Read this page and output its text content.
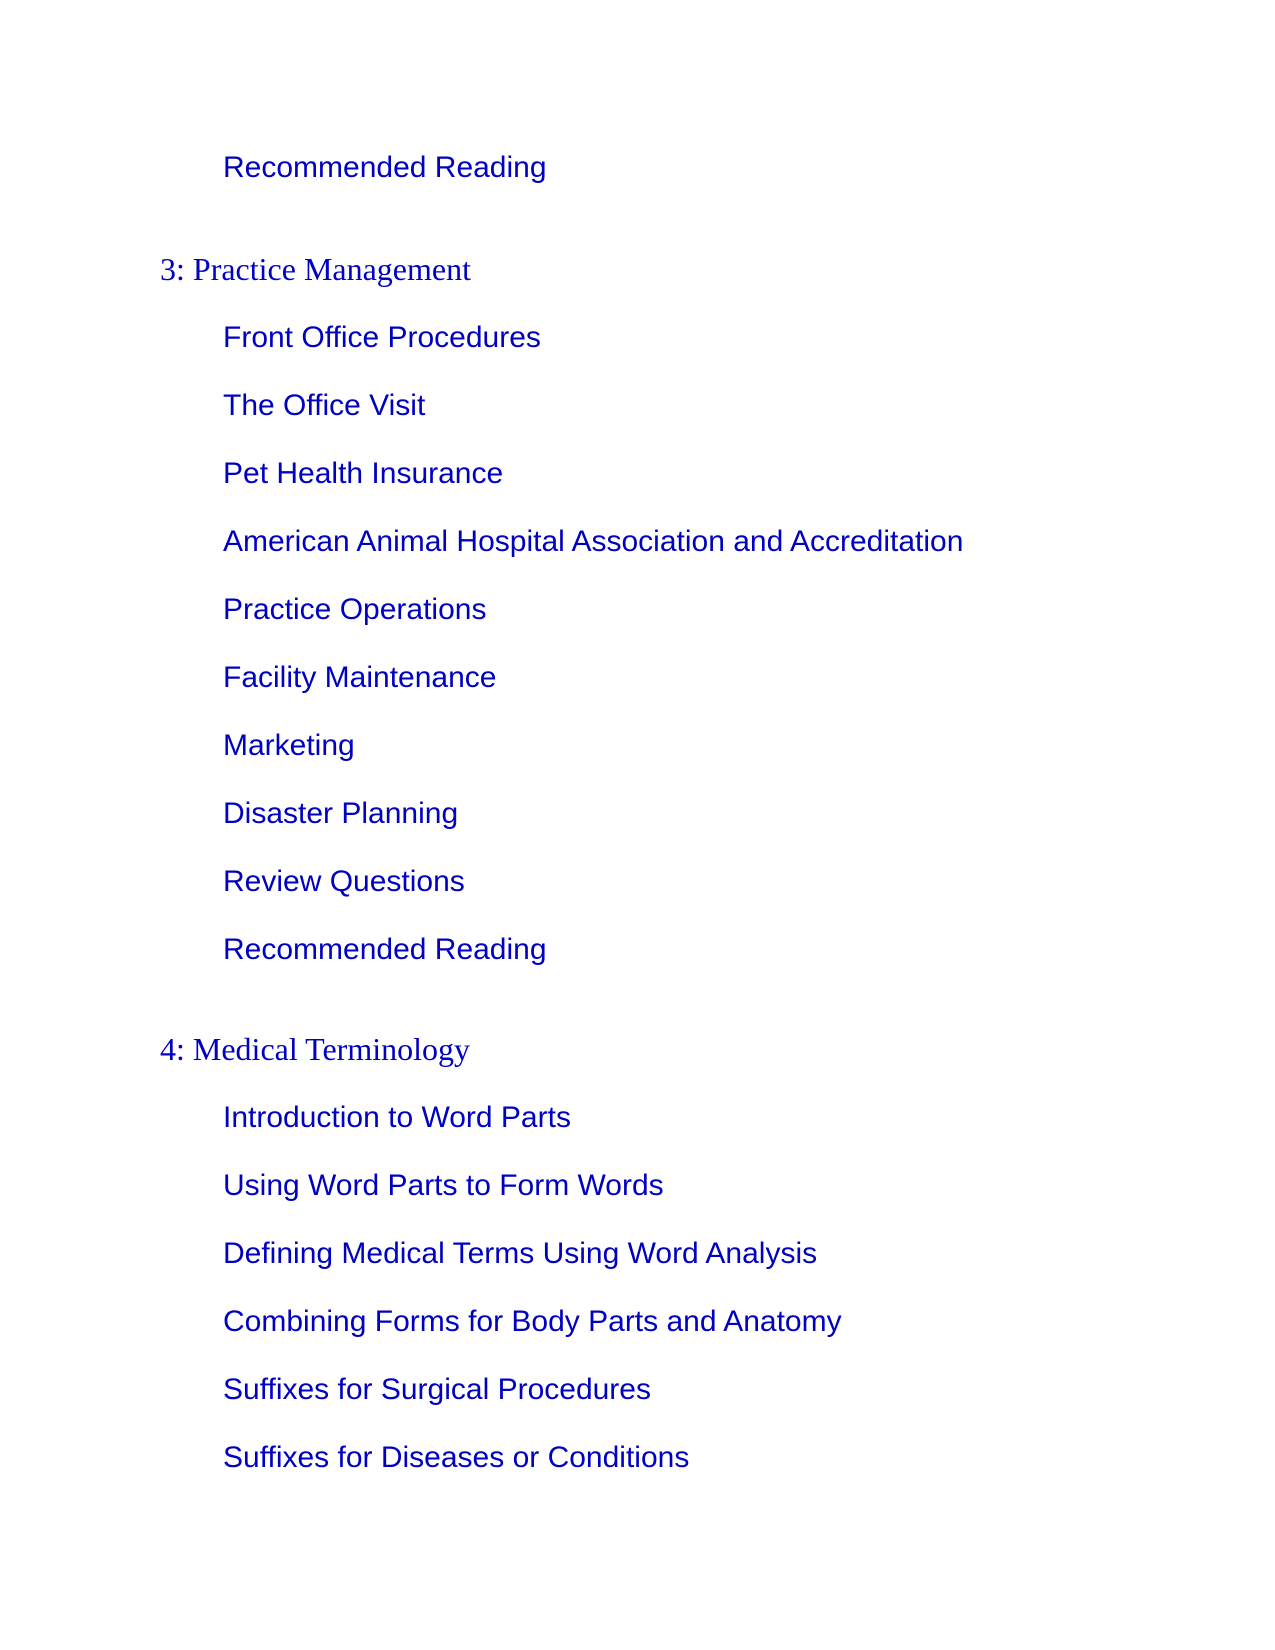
Recommended Reading
3: Practice Management
Front Office Procedures
The Office Visit
Pet Health Insurance
American Animal Hospital Association and Accreditation
Practice Operations
Facility Maintenance
Marketing
Disaster Planning
Review Questions
Recommended Reading
4: Medical Terminology
Introduction to Word Parts
Using Word Parts to Form Words
Defining Medical Terms Using Word Analysis
Combining Forms for Body Parts and Anatomy
Suffixes for Surgical Procedures
Suffixes for Diseases or Conditions
